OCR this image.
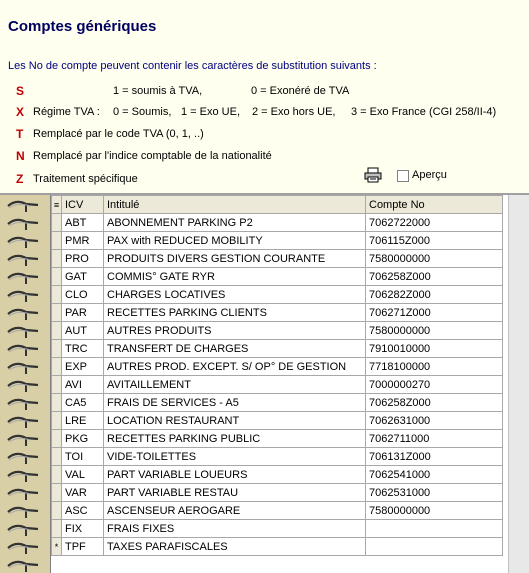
Comptes génériques
Les No de compte peuvent contenir les caractères de substitution suivants :
S	1 = soumis à TVA,	0 = Exonéré de TVA
X Régime TVA : 0 = Soumis, 1 = Exo UE, 2 = Exo hors UE, 3 = Exo France (CGI 258/II-4)
T Remplacé par le code TVA (0, 1, ..)
N Remplacé par l'indice comptable de la nationalité
Z Traitement spécifique	Aperçu
≡	ICV	Intitulé	Compte No
	ABT	ABONNEMENT PARKING P2	7062722000
	PMR	PAX with REDUCED MOBILITY	706115Z000
	PRO	PRODUITS DIVERS GESTION COURANTE	7580000000
	GAT	COMMIS° GATE RYR	706258Z000
	CLO	CHARGES LOCATIVES	706282Z000
	PAR	RECETTES PARKING CLIENTS	706271Z000
	AUT	AUTRES PRODUITS	7580000000
	TRC	TRANSFERT DE CHARGES	7910010000
	EXP	AUTRES PROD. EXCEPT. S/ OP° DE GESTION	7718100000
	AVI	AVITAILLEMENT	7000000270
	CA5	FRAIS DE SERVICES - A5	706258Z000
	LRE	LOCATION RESTAURANT	7062631000
	PKG	RECETTES PARKING PUBLIC	7062711000
	TOI	VIDE-TOILETTES	706131Z000
	VAL	PART VARIABLE LOUEURS	7062541000
	VAR	PART VARIABLE RESTAU	7062531000
	ASC	ASCENSEUR AEROGARE	7580000000
	FIX	FRAIS FIXES	
*	TPF	TAXES PARAFISCALES	
